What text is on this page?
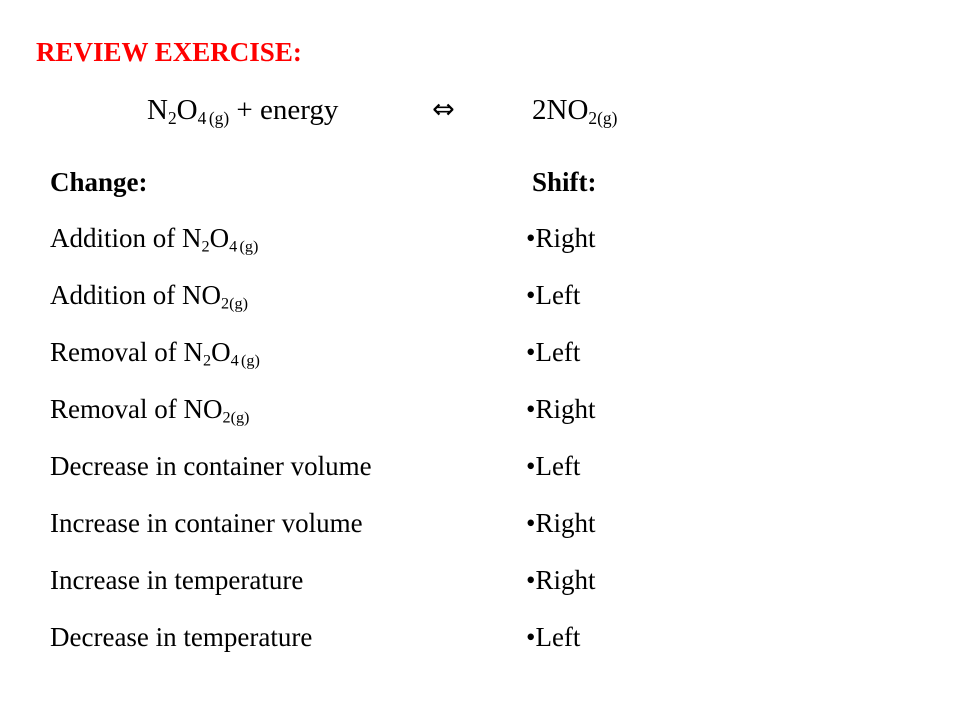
REVIEW EXERCISE:
$N_2O_4$ $_{(g)}$ + energy	⇔	$2NO_{2(g)}$
Change:	Shift:
Addition of $N_2O_4$ $_{(g)}$	•Right
Addition of $NO_{2(g)}$	•Left
Removal of $N_2O_4$ $_{(g)}$	•Left
Removal of $NO_{2(g)}$	•Right
Decrease in container volume	•Left
Increase in container volume	•Right
Increase in temperature	•Right
Decrease in temperature	•Left
